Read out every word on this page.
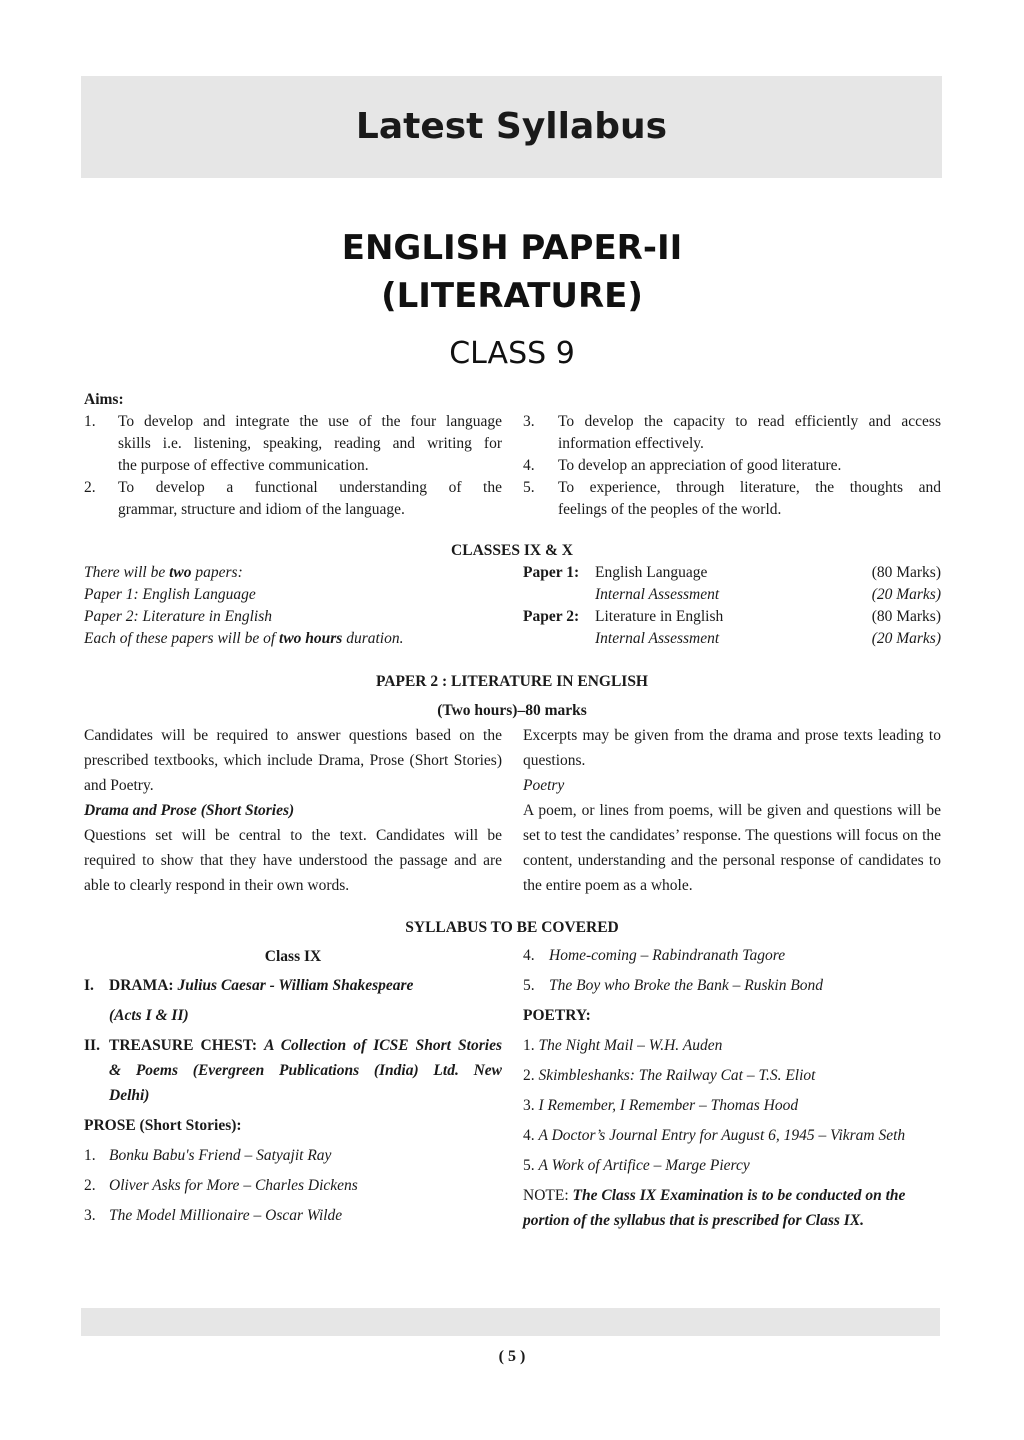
Latest Syllabus
ENGLISH PAPER-II
(LITERATURE)
CLASS 9
Aims:
1. To develop and integrate the use of the four language
skills i.e. listening, speaking, reading and writing for
the purpose of effective communication.
2. To develop a functional understanding of the
grammar, structure and idiom of the language.
3. To develop the capacity to read efficiently and access
information effectively.
4. To develop an appreciation of good literature.
5. To experience, through literature, the thoughts and
feelings of the peoples of the world.
CLASSES IX & X
There will be two papers:
Paper 1: English Language
Paper 2: Literature in English
Each of these papers will be of two hours duration.
Paper 1: English Language	(80 Marks)
Internal Assessment	(20 Marks)
Paper 2: Literature in English	(80 Marks)
Internal Assessment	(20 Marks)
PAPER 2 : LITERATURE IN ENGLISH
(Two hours)–80 marks
Candidates will be required to answer questions based on the prescribed textbooks, which include Drama, Prose (Short Stories) and Poetry.
Drama and Prose (Short Stories)
Questions set will be central to the text. Candidates will be required to show that they have understood the passage and are able to clearly respond in their own words.
Excerpts may be given from the drama and prose texts leading to questions.
Poetry
A poem, or lines from poems, will be given and questions will be set to test the candidates’ response. The questions will focus on the content, understanding and the personal response of candidates to the entire poem as a whole.
SYLLABUS TO BE COVERED
Class IX
I. DRAMA: Julius Caesar - William Shakespeare
(Acts I & II)
II. TREASURE CHEST: A Collection of ICSE Short Stories
& Poems (Evergreen Publications (India) Ltd. New
Delhi)
PROSE (Short Stories):
1. Bonku Babu's Friend – Satyajit Ray
2. Oliver Asks for More – Charles Dickens
3. The Model Millionaire – Oscar Wilde
4. Home-coming – Rabindranath Tagore
5. The Boy who Broke the Bank – Ruskin Bond
POETRY:
1. The Night Mail – W.H. Auden
2. Skimbleshanks: The Railway Cat – T.S. Eliot
3. I Remember, I Remember – Thomas Hood
4. A Doctor’s Journal Entry for August 6, 1945 – Vikram Seth
5. A Work of Artifice – Marge Piercy
NOTE: The Class IX Examination is to be conducted on the
portion of the syllabus that is prescribed for Class IX.
( 5 )
